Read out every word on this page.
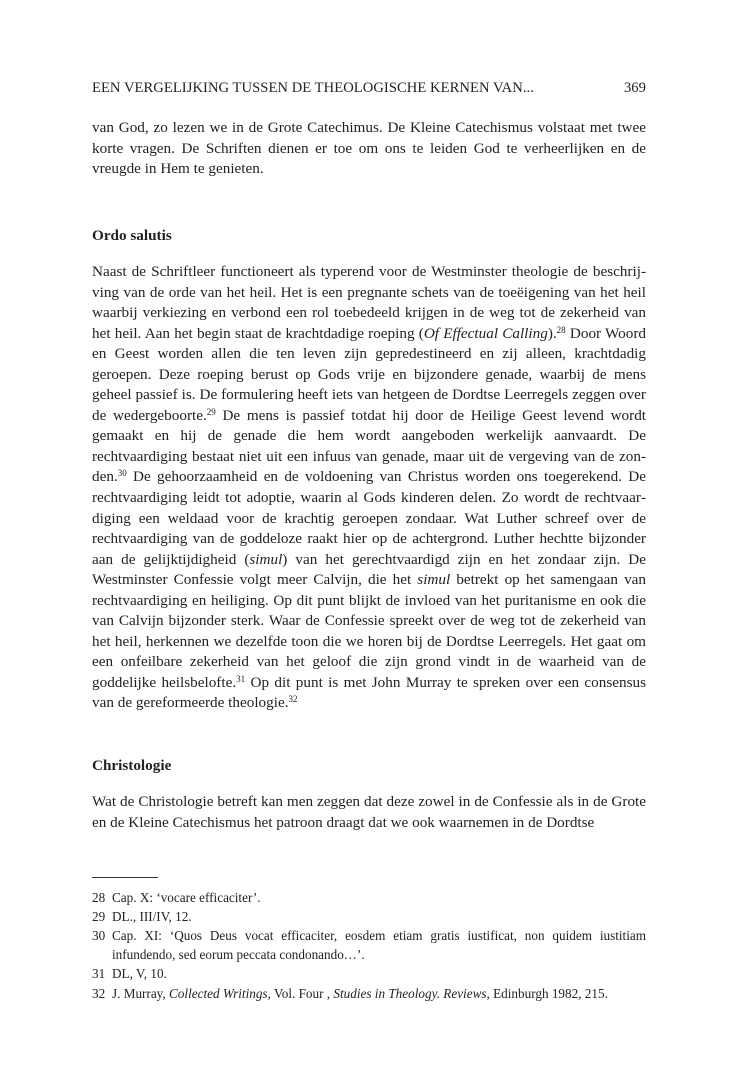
EEN VERGELIJKING TUSSEN DE THEOLOGISCHE KERNEN VAN...	369

van God, zo lezen we in de Grote Catechimus. De Kleine Catechismus volstaat met twee korte vragen. De Schriften dienen er toe om ons te leiden God te verheerlijken en de vreugde in Hem te genieten.

Ordo salutis

Naast de Schriftleer functioneert als typerend voor de Westminster theologie de beschrijving van de orde van het heil. Het is een pregnante schets van de toeëigening van het heil waarbij verkiezing en verbond een rol toebedeeld krijgen in de weg tot de zekerheid van het heil. Aan het begin staat de krachtdadige roeping (Of Effectual Calling).$^{28}$ Door Woord en Geest worden allen die ten leven zijn gepredestineerd en zij alleen, krachtdadig geroepen. Deze roeping berust op Gods vrije en bijzondere genade, waarbij de mens geheel passief is. De formulering heeft iets van hetgeen de Dordtse Leerregels zeggen over de wedergeboorte.$^{29}$ De mens is passief totdat hij door de Heilige Geest levend wordt gemaakt en hij de genade die hem wordt aangeboden werkelijk aanvaardt. De rechtvaardiging bestaat niet uit een infuus van genade, maar uit de vergeving van de zonden.$^{30}$ De gehoorzaamheid en de voldoening van Christus worden ons toegerekend. De rechtvaardiging leidt tot adoptie, waarin al Gods kinderen delen. Zo wordt de rechtvaardiging een weldaad voor de krachtig geroepen zondaar. Wat Luther schreef over de rechtvaardiging van de goddeloze raakt hier op de achtergrond. Luther hechtte bijzonder aan de gelijktijdigheid (simul) van het gerechtvaardigd zijn en het zondaar zijn. De Westminster Confessie volgt meer Calvijn, die het simul betrekt op het samengaan van rechtvaardiging en heiliging. Op dit punt blijkt de invloed van het puritanisme en ook die van Calvijn bijzonder sterk. Waar de Confessie spreekt over de weg tot de zekerheid van het heil, herkennen we dezelfde toon die we horen bij de Dordtse Leerregels. Het gaat om een onfeilbare zekerheid van het geloof die zijn grond vindt in de waarheid van de goddelijke heilsbelofte.$^{31}$ Op dit punt is met John Murray te spreken over een consensus van de gereformeerde theologie.$^{32}$

Christologie

Wat de Christologie betreft kan men zeggen dat deze zowel in de Confessie als in de Grote en de Kleine Catechismus het patroon draagt dat we ook waarnemen in de Dordtse

28 Cap. X: ‘vocare efficaciter’.
29 DL., III/IV, 12.
30 Cap. XI: ‘Quos Deus vocat efficaciter, eosdem etiam gratis iustificat, non quidem iustitiam infundendo, sed eorum peccata condonando…’.
31 DL, V, 10.
32 J. Murray, Collected Writings, Vol. Four , Studies in Theology. Reviews, Edinburgh 1982, 215.
